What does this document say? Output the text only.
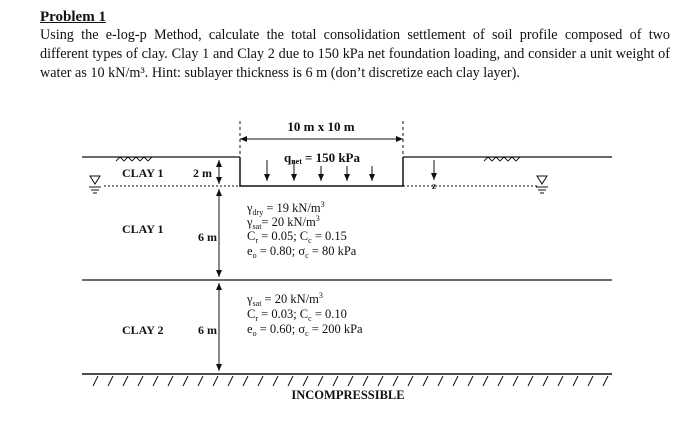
Problem 1

Using the e-log-p Method, calculate the total consolidation settlement of soil profile composed of two different types of clay. Clay 1 and Clay 2 due to 150 kPa net foundation loading, and consider a unit weight of water as 10 kN/m³. Hint: sublayer thickness is 6 m (don’t discretize each clay layer).

10 m x 10 m
qnet = 150 kPa
z
INCOMPRESSIBLE
CLAY 1 2 m
CLAY 1
6 m
CLAY 2	6 m
$\gamma_{dry} = 19$ $kN/m^3$
$\gamma_{sat}= 20$ $kN/m^3$
$C_r = 0.05$; $C_c = 0.15$
$e_o = 0.80$; $\sigma_c = 80$ kPa
$\gamma_{sat} = 20$ $kN/m^3$
$C_r = 0.03$; $C_c = 0.10$
$e_o = 0.60$; $\sigma_c = 200$ kPa
